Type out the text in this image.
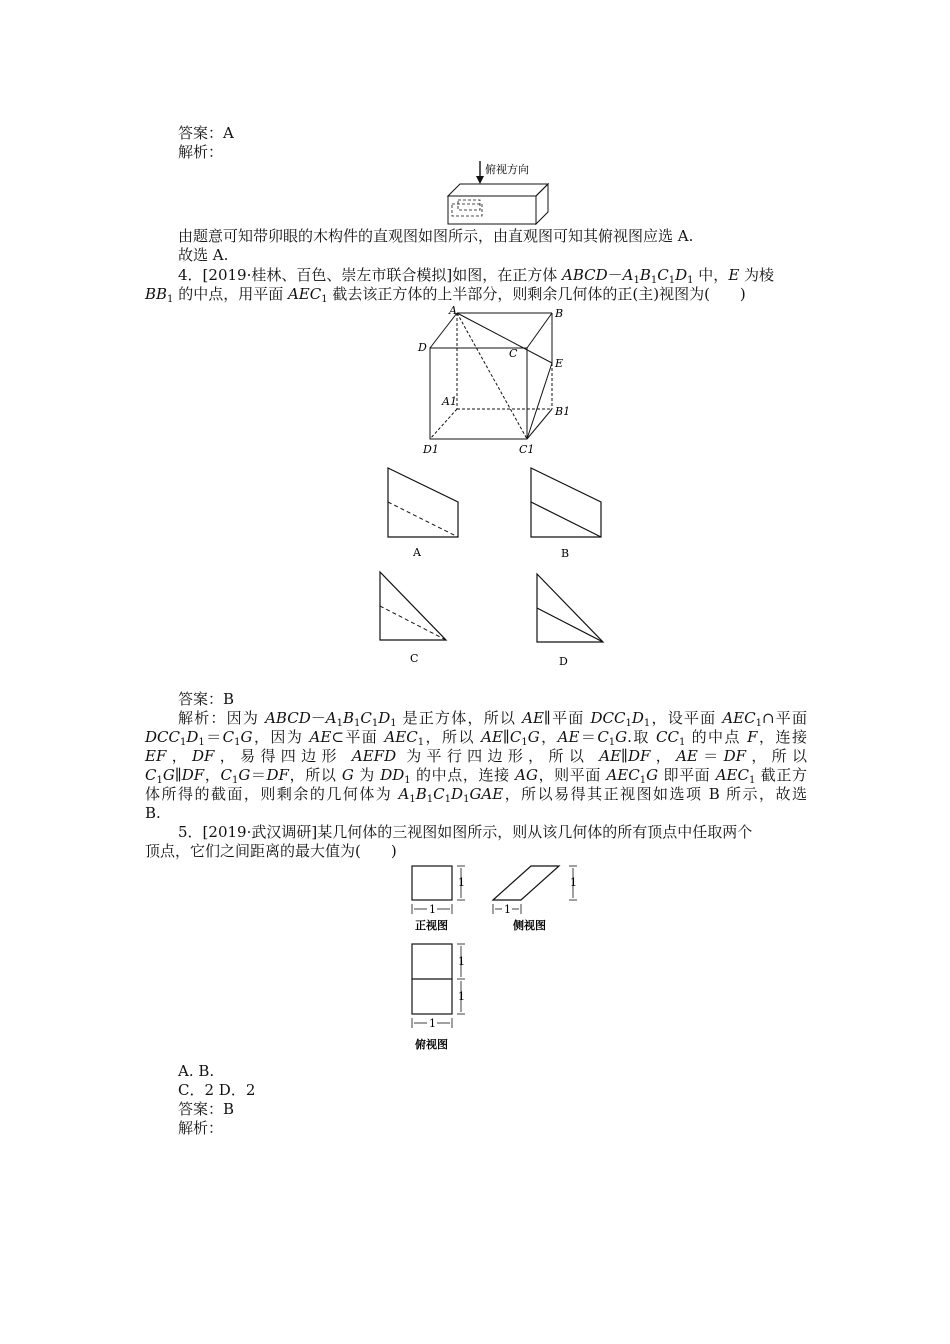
答案：A
解析：
俯视方向
由题意可知带卯眼的木构件的直观图如图所示，由直观图可知其俯视图应选 A.
故选 A.
4．[2019·桂林、百色、崇左市联合模拟]如图，在正方体 $ABCD-A_1B_1C_1D_1$ 中，E 为棱
$BB_1$ 的中点，用平面 $AEC_1$ 截去该正方体的上半部分，则剩余几何体的正(主)视图为(　　)
A	B
C
D
E
A1
B1
C1
D1
A	B
C	D
答案：B
解析：因为 $ABCD-A_1B_1C_1D_1$ 是正方体，所以 AE∥平面 $DCC_1D_1$，设平面 $AEC_1\cap$平面
$DCC_1D_1=C_1G$，因为 AE⊂平面 $AEC_1$，所以 $AE\parallel C_1G$，$AE=C_1G$.取 $CC_1$ 的中点 F，连接
EF，DF，易得四边形 AEFD 为平行四边形，所以 AE∥DF，AE＝DF，所以
$C_1G\parallel DF$，$C_1G=DF$，所以 G 为 $DD_1$ 的中点，连接 AG，则平面 $AEC_1G$ 即平面 $AEC_1$ 截正方
体所得的截面，则剩余的几何体为 $A_1B_1C_1D_1GAE$，所以易得其正视图如选项 B 所示，故选
B.
5．[2019·武汉调研]某几何体的三视图如图所示，则从该几何体的所有顶点中任取两个
顶点，它们之间距离的最大值为(　　)
1
1
正视图
1
1
侧视图
1
1
1
俯视图
A. B.
C．2 D．2
答案：B
解析：
